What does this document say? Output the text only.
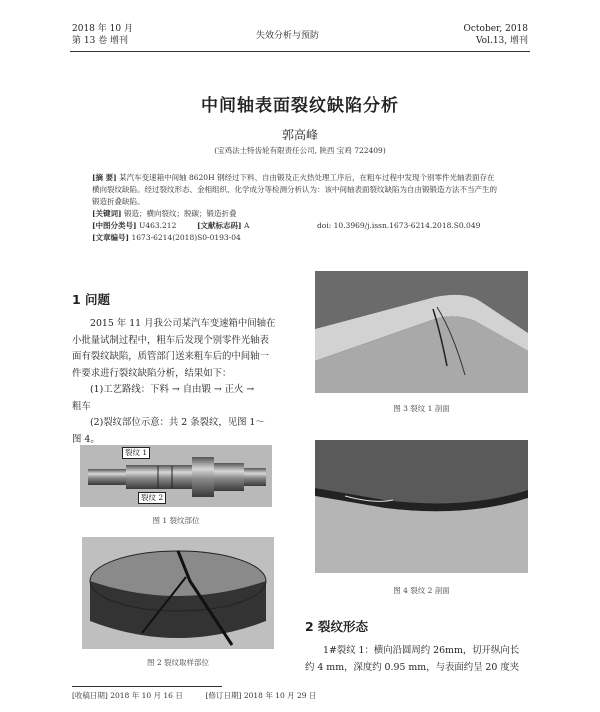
2018 年 10 月
第 13 卷 增刊	失效分析与预防
October, 2018
Vol.13, 增刊
中间轴表面裂纹缺陷分析
郭高峰
(宝鸡法士特齿轮有限责任公司, 陕西 宝鸡 722409)
[摘 要] 某汽车变速箱中间轴 8620H 钢经过下料、自由锻及正火热处理工序后，在粗车过程中发现个别零件光轴表面存在
横向裂纹缺陷。经过裂纹形态、金相组织、化学成分等检测分析认为：该中间轴表面裂纹缺陷为自由锻锻造方法不当产生的
锻造折叠缺陷。
[关键词] 锻造；横向裂纹；脱碳；锻造折叠
[中图分类号] U463.212	[文献标志码] A	doi: 10.3969/j.issn.1673-6214.2018.S0.049
[文章编号] 1673-6214(2018)S0-0193-04
1 问题
2015 年 11 月我公司某汽车变速箱中间轴在
小批量试制过程中，粗车后发现个别零件光轴表
面有裂纹缺陷，质管部门送来粗车后的中间轴一
件要求进行裂纹缺陷分析，结果如下：
(1)工艺路线：下料 → 自由锻 → 正火 →
粗车
(2)裂纹部位示意：共 2 条裂纹，见图 1～
图 4。
裂纹 1
裂纹 2
图 1 裂纹部位
图 2 裂纹取样部位
图 3 裂纹 1 剖面
图 4 裂纹 2 剖面
2 裂纹形态
1#裂纹 1：横向沿圆周约 26mm，切开纵向长
约 4 mm，深度约 0.95 mm，与表面约呈 20 度夹
[收稿日期] 2018 年 10 月 16 日	[修订日期] 2018 年 10 月 29 日
